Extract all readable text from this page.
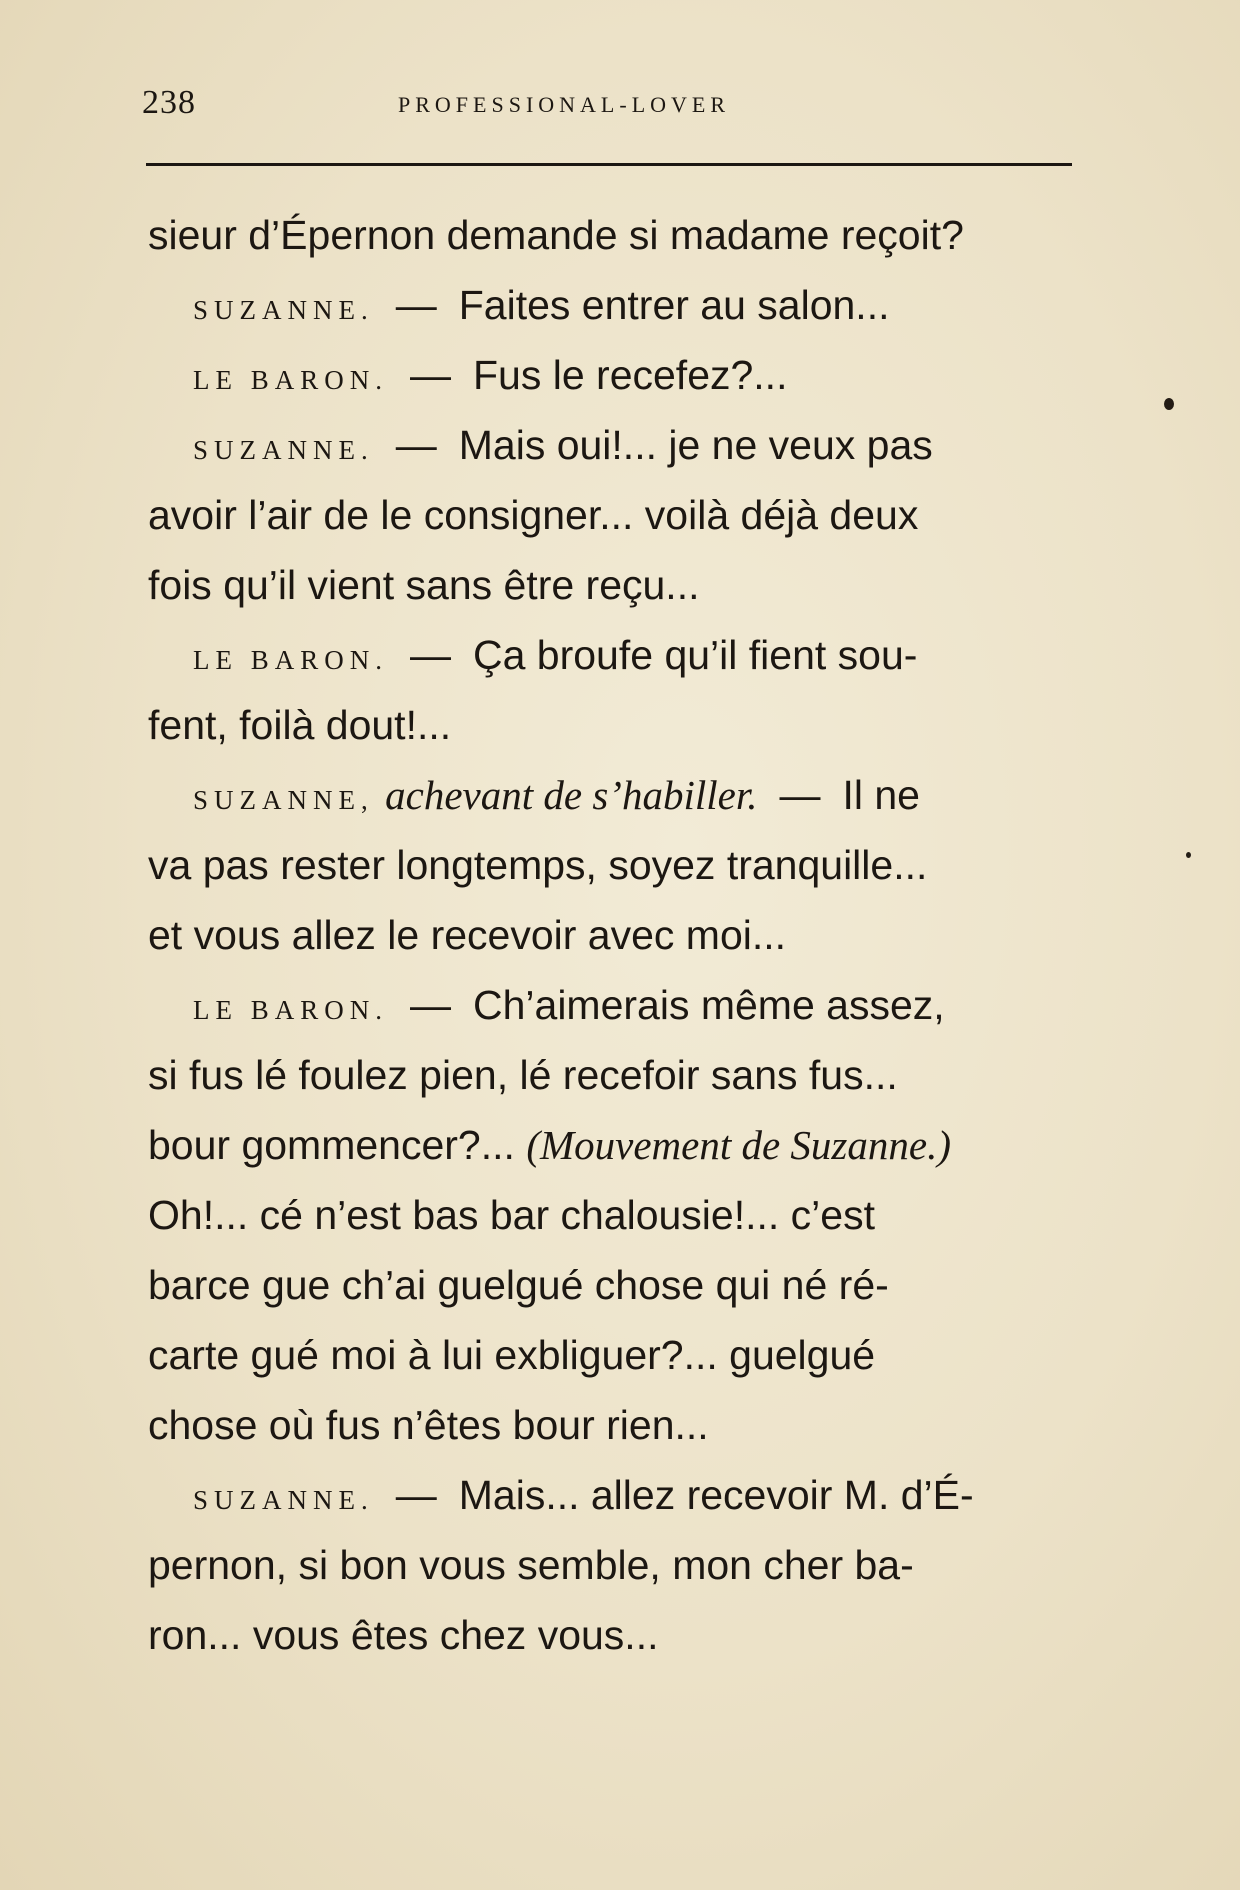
238	PROFESSIONAL-LOVER
sieur d’Épernon demande si madame reçoit?
SUZANNE. — Faites entrer au salon...
LE BARON. — Fus le recefez?...
SUZANNE. — Mais oui!... je ne veux pas
avoir l’air de le consigner... voilà déjà deux
fois qu’il vient sans être reçu...
LE BARON. — Ça broufe qu’il fient sou-
fent, foilà dout!...
SUZANNE, achevant de s’habiller. — Il ne
va pas rester longtemps, soyez tranquille...
et vous allez le recevoir avec moi...
LE BARON. — Ch’aimerais même assez,
si fus lé foulez pien, lé recefoir sans fus...
bour gommencer?... (Mouvement de Suzanne.)
Oh!... cé n’est bas bar chalousie!... c’est
barce gue ch’ai guelgué chose qui né ré-
carte gué moi à lui exbliguer?... guelgué
chose où fus n’êtes bour rien...
SUZANNE. — Mais... allez recevoir M. d’É-
pernon, si bon vous semble, mon cher ba-
ron... vous êtes chez vous...
